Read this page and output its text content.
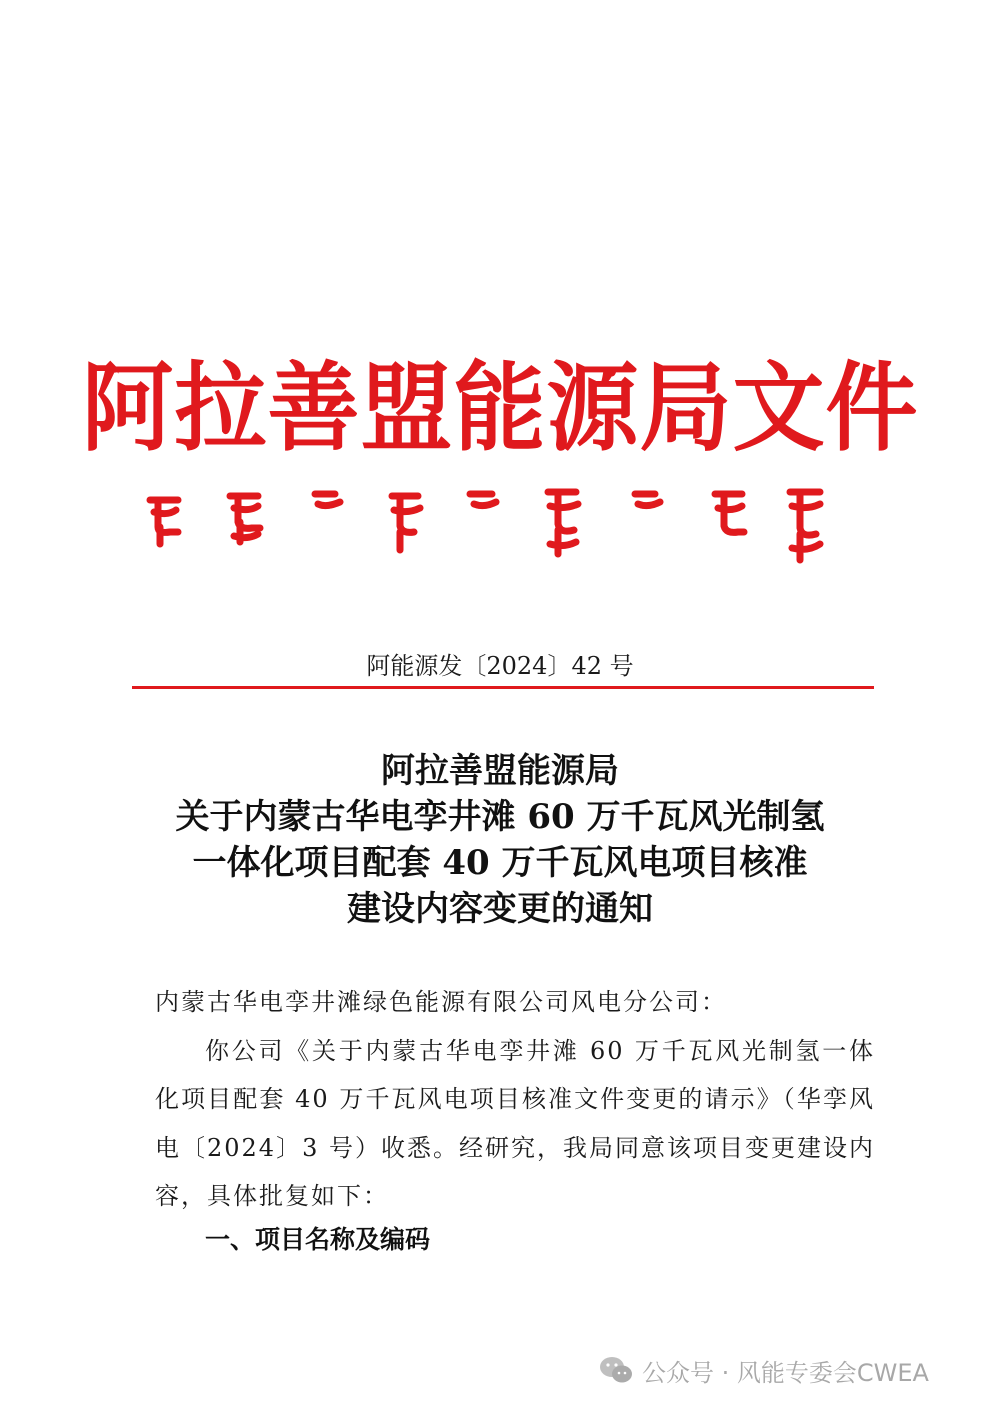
阿拉善盟能源局文件
阿能源发〔2024〕42 号
阿拉善盟能源局
关于内蒙古华电孪井滩 60 万千瓦风光制氢
一体化项目配套 40 万千瓦风电项目核准
建设内容变更的通知
内蒙古华电孪井滩绿色能源有限公司风电分公司：
你公司《关于内蒙古华电孪井滩 60 万千瓦风光制氢一体化项目配套 40 万千瓦风电项目核准文件变更的请示》（华孪风电〔2024〕3 号）收悉。经研究，我局同意该项目变更建设内容，具体批复如下：
一、项目名称及编码
公众号 · 风能专委会CWEA
